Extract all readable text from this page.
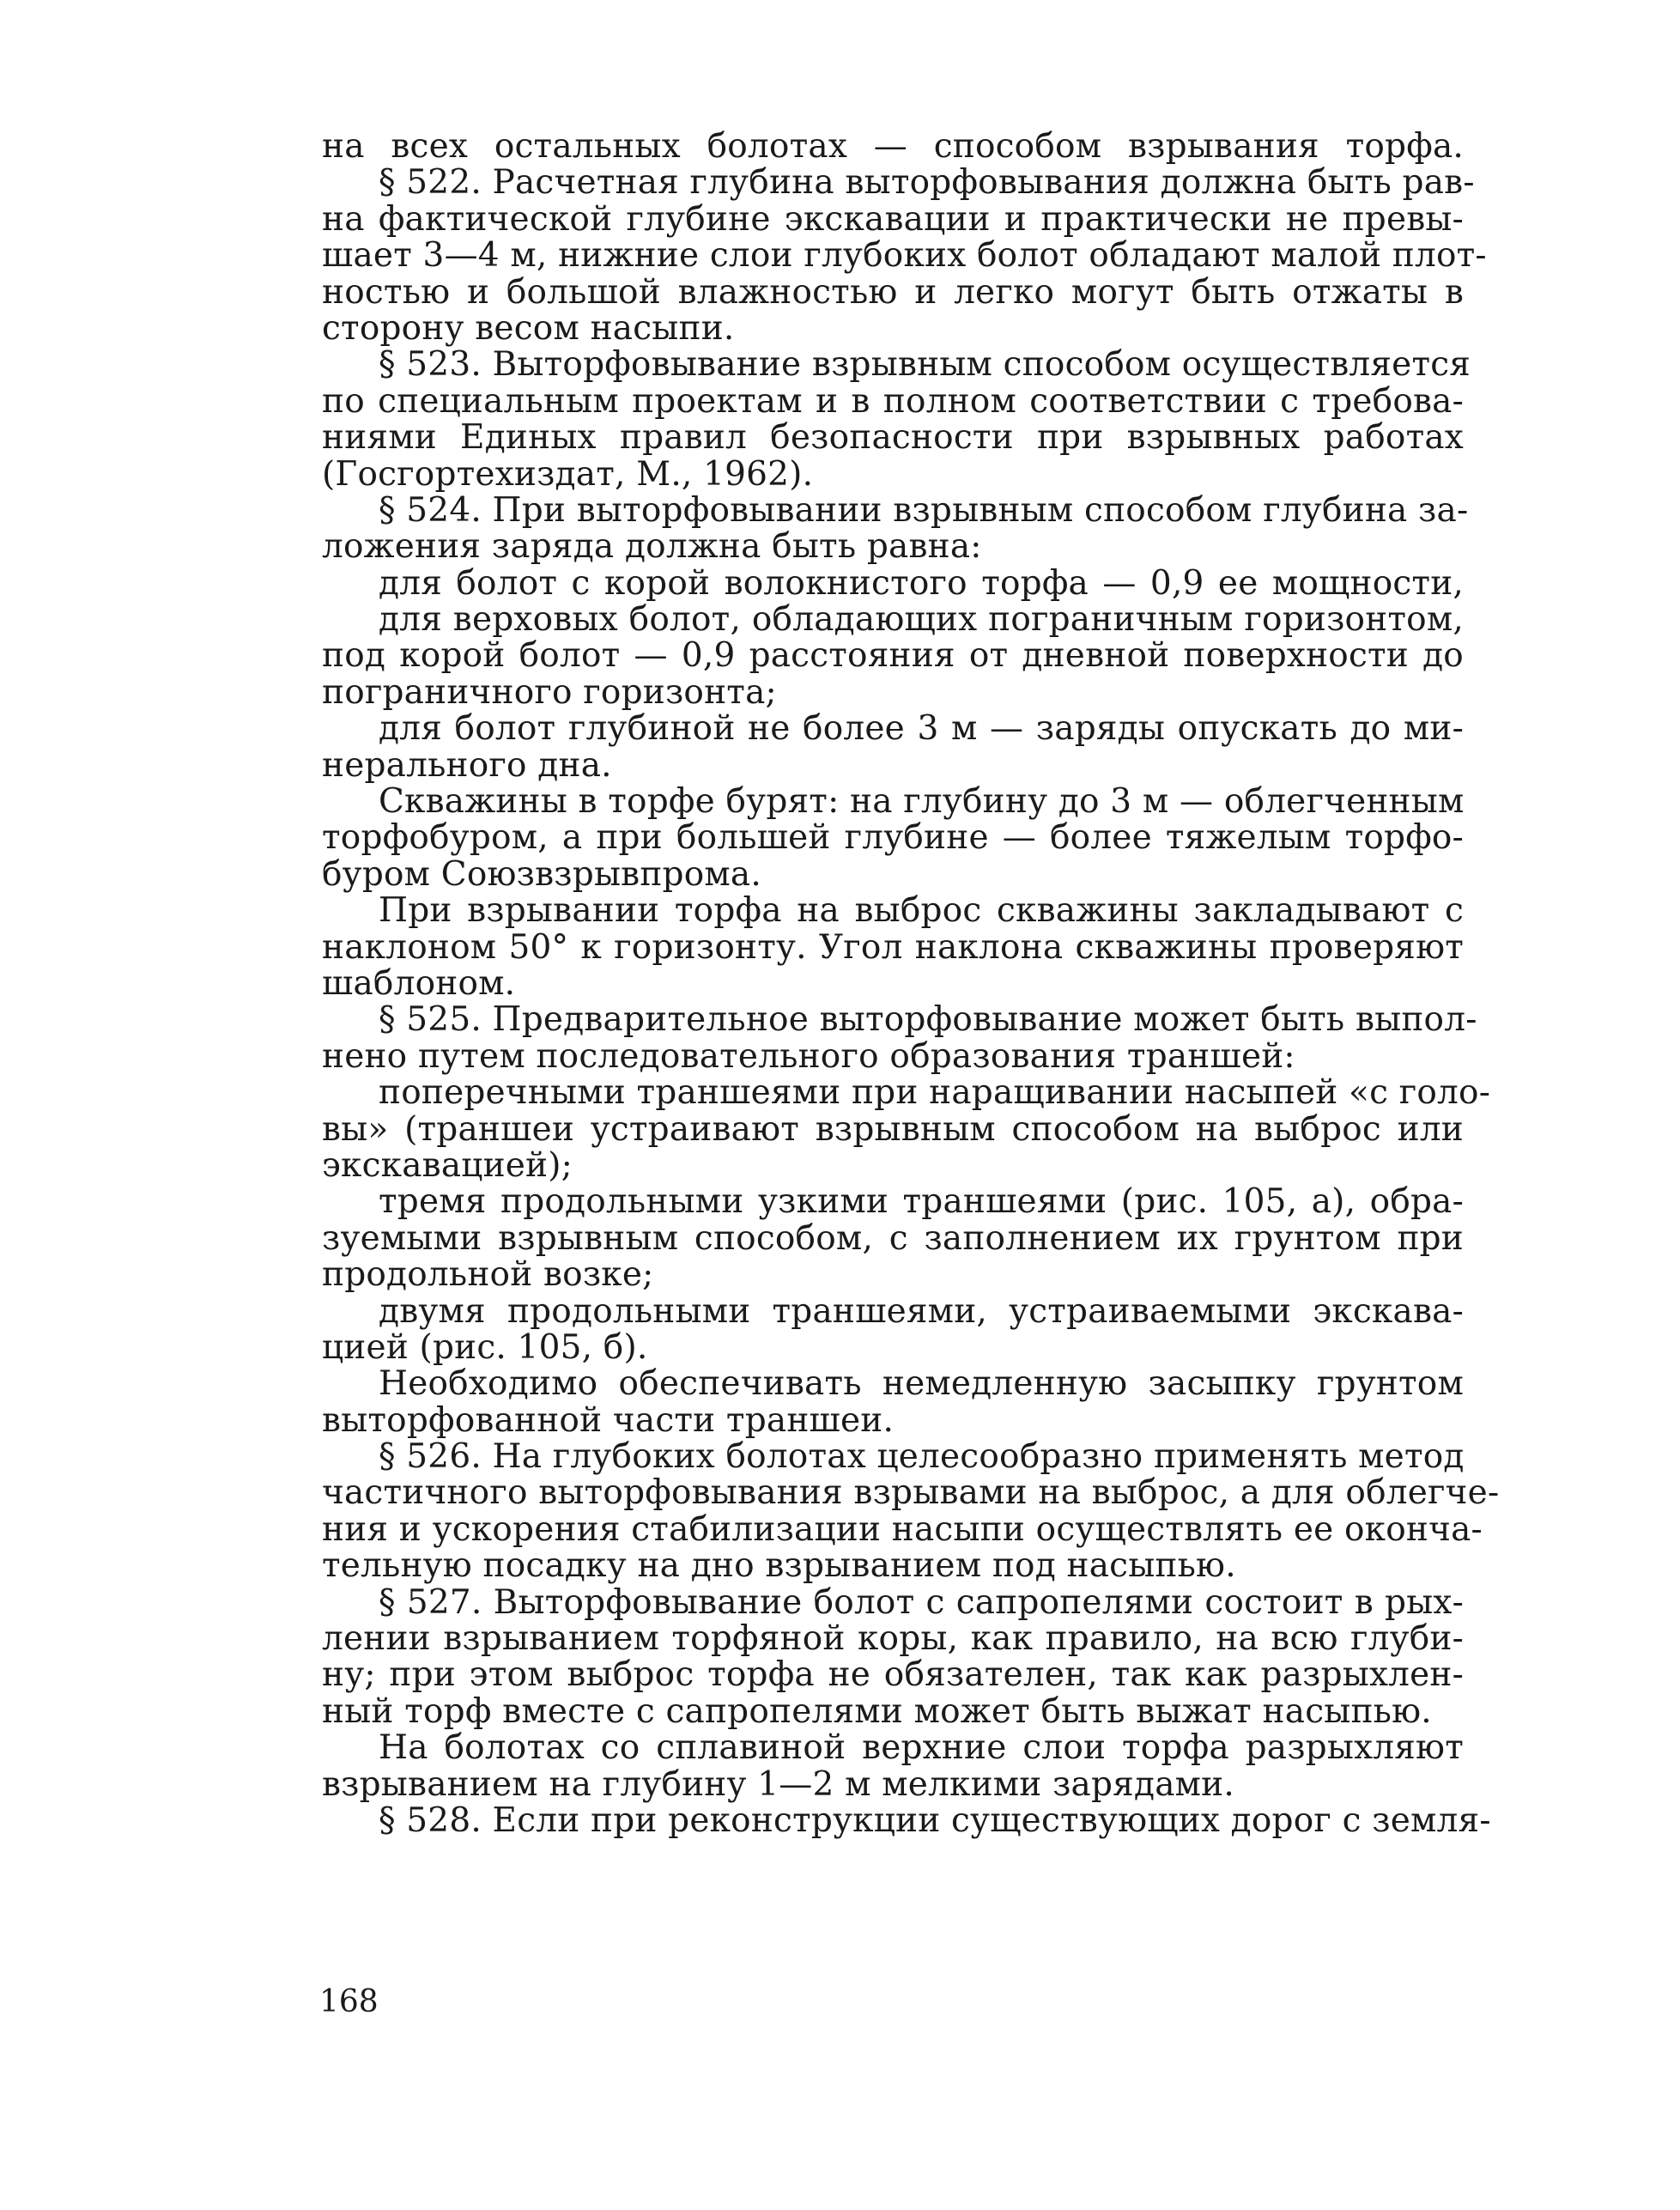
на всех остальных болотах — способом взрывания торфа.
§ 522. Расчетная глубина выторфовывания должна быть рав-
на фактической глубине экскавации и практически не превы-
шает 3—4 м, нижние слои глубоких болот обладают малой плот-
ностью и большой влажностью и легко могут быть отжаты в
сторону весом насыпи.
§ 523. Выторфовывание взрывным способом осуществляется
по специальным проектам и в полном соответствии с требова-
ниями Единых правил безопасности при взрывных работах
(Госгортехиздат, М., 1962).
§ 524. При выторфовывании взрывным способом глубина за-
ложения заряда должна быть равна:
для болот с корой волокнистого торфа — 0,9 ее мощности,
для верховых болот, обладающих пограничным горизонтом,
под корой болот — 0,9 расстояния от дневной поверхности до
пограничного горизонта;
для болот глубиной не более 3 м — заряды опускать до ми-
нерального дна.
Скважины в торфе бурят: на глубину до 3 м — облегченным
торфобуром, а при большей глубине — более тяжелым торфо-
буром Союзвзрывпрома.
При взрывании торфа на выброс скважины закладывают с
наклоном 50° к горизонту. Угол наклона скважины проверяют
шаблоном.
§ 525. Предварительное выторфовывание может быть выпол-
нено путем последовательного образования траншей:
поперечными траншеями при наращивании насыпей «с голо-
вы» (траншеи устраивают взрывным способом на выброс или
экскавацией);
тремя продольными узкими траншеями (рис. 105, а), обра-
зуемыми взрывным способом, с заполнением их грунтом при
продольной возке;
двумя продольными траншеями, устраиваемыми экскава-
цией (рис. 105, б).
Необходимо обеспечивать немедленную засыпку грунтом
выторфованной части траншеи.
§ 526. На глубоких болотах целесообразно применять метод
частичного выторфовывания взрывами на выброс, а для облегче-
ния и ускорения стабилизации насыпи осуществлять ее оконча-
тельную посадку на дно взрыванием под насыпью.
§ 527. Выторфовывание болот с сапропелями состоит в рых-
лении взрыванием торфяной коры, как правило, на всю глуби-
ну; при этом выброс торфа не обязателен, так как разрыхлен-
ный торф вместе с сапропелями может быть выжат насыпью.
На болотах со сплавиной верхние слои торфа разрыхляют
взрыванием на глубину 1—2 м мелкими зарядами.
§ 528. Если при реконструкции существующих дорог с земля-
168
